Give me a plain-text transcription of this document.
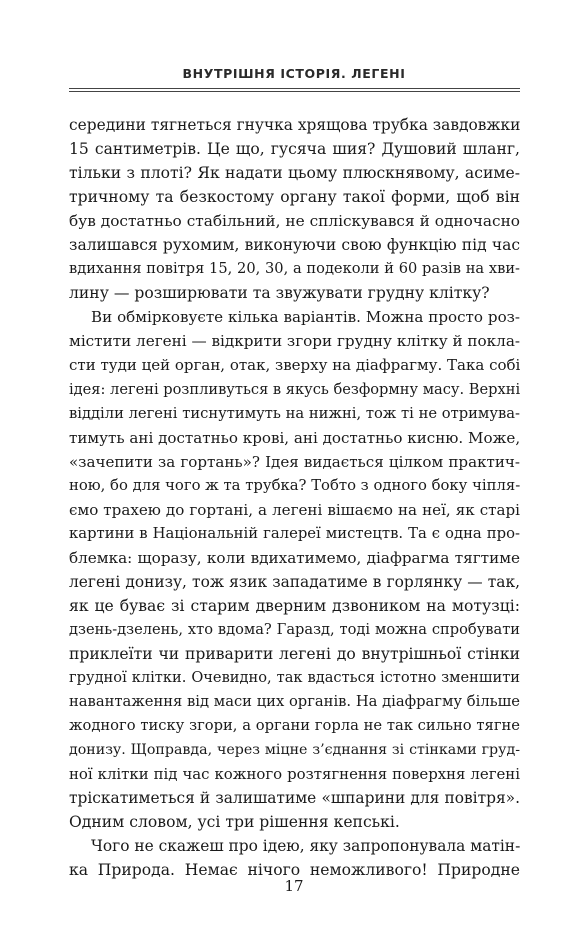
ВНУТРІШНЯ ІСТОРІЯ. ЛЕГЕНІ
середини тягнеться гнучка хрящова трубка завдовжки
15 сантиметрів. Це що, гусяча шия? Душовий шланг,
тільки з плоті? Як надати цьому плюскнявому, асиме-
тричному та безкостому органу такої форми, щоб він
був достатньо стабільний, не спліскувався й одночасно
залишався рухомим, виконуючи свою функцію під час
вдихання повітря 15, 20, 30, а подеколи й 60 разів на хви-
лину — розширювати та звужувати грудну клітку?
Ви обмірковуєте кілька варіантів. Можна просто роз-
містити легені — відкрити згори грудну клітку й покла-
сти туди цей орган, отак, зверху на діафрагму. Така собі
ідея: легені розпливуться в якусь безформну масу. Верхні
відділи легені тиснутимуть на нижні, тож ті не отримува-
тимуть ані достатньо крові, ані достатньо кисню. Може,
«зачепити за гортань»? Ідея видається цілком практич-
ною, бо для чого ж та трубка? Тобто з одного боку чіпля-
ємо трахею до гортані, а легені вішаємо на неї, як старі
картини в Національній галереї мистецтв. Та є одна про-
блемка: щоразу, коли вдихатимемо, діафрагма тягтиме
легені донизу, тож язик западатиме в горлянку — так,
як це буває зі старим дверним дзвоником на мотузці:
дзень-дзелень, хто вдома? Гаразд, тоді можна спробувати
приклеїти чи приварити легені до внутрішньої стінки
грудної клітки. Очевидно, так вдасться істотно зменшити
навантаження від маси цих органів. На діафрагму більше
жодного тиску згори, а органи горла не так сильно тягне
донизу. Щоправда, через міцне з’єднання зі стінками груд-
ної клітки під час кожного розтягнення поверхня легені
тріскатиметься й залишатиме «шпарини для повітря».
Одним словом, усі три рішення кепські.
Чого не скажеш про ідею, яку запропонувала матін-
ка Природа. Немає нічого неможливого! Природне
17
